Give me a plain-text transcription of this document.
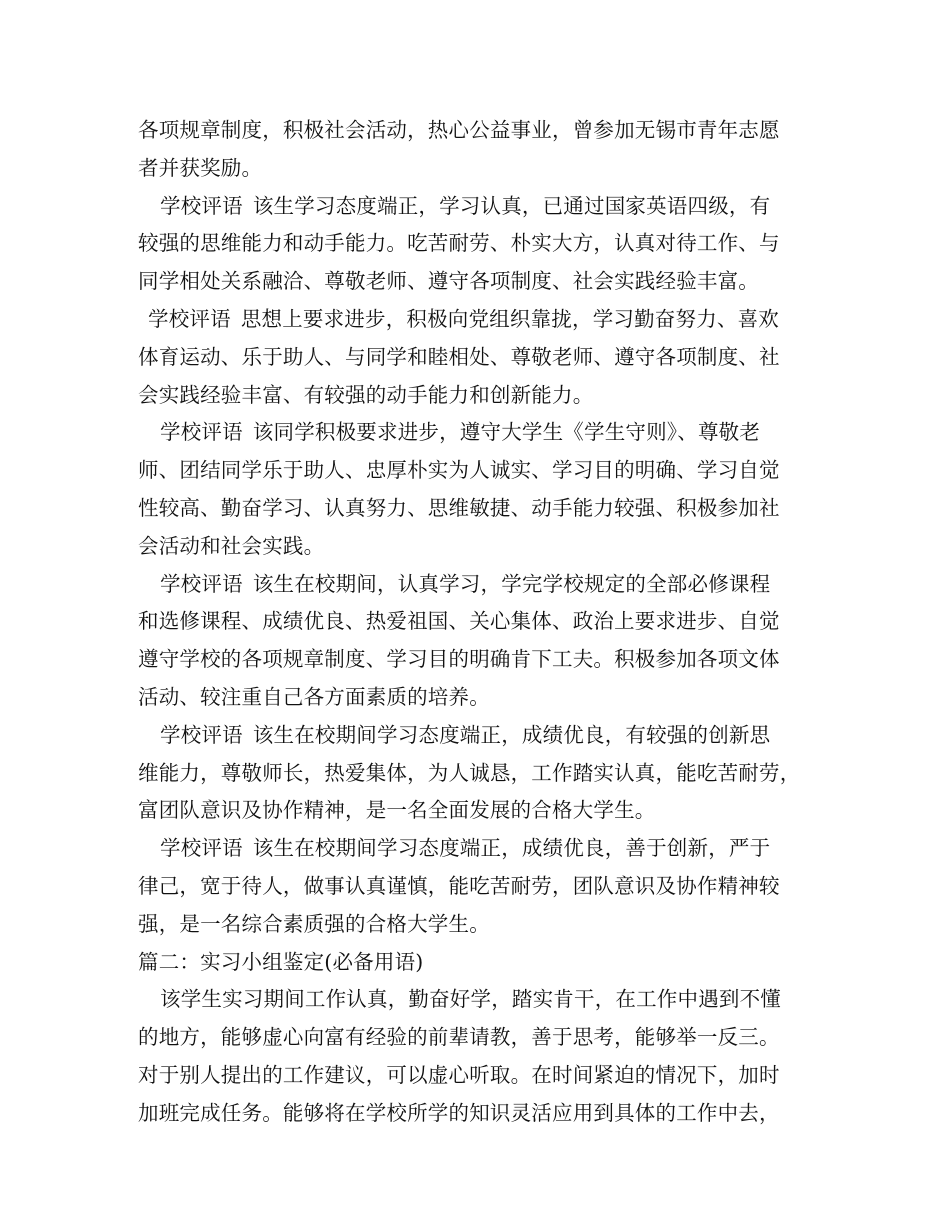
各项规章制度，积极社会活动，热心公益事业，曾参加无锡市青年志愿
者并获奖励。
学校评语 该生学习态度端正，学习认真，已通过国家英语四级，有
较强的思维能力和动手能力。吃苦耐劳、朴实大方，认真对待工作、与
同学相处关系融洽、尊敬老师、遵守各项制度、社会实践经验丰富。
学校评语 思想上要求进步，积极向党组织靠拢，学习勤奋努力、喜欢
体育运动、乐于助人、与同学和睦相处、尊敬老师、遵守各项制度、社
会实践经验丰富、有较强的动手能力和创新能力。
学校评语 该同学积极要求进步，遵守大学生《学生守则》、尊敬老
师、团结同学乐于助人、忠厚朴实为人诚实、学习目的明确、学习自觉
性较高、勤奋学习、认真努力、思维敏捷、动手能力较强、积极参加社
会活动和社会实践。
学校评语 该生在校期间，认真学习，学完学校规定的全部必修课程
和选修课程、成绩优良、热爱祖国、关心集体、政治上要求进步、自觉
遵守学校的各项规章制度、学习目的明确肯下工夫。积极参加各项文体
活动、较注重自己各方面素质的培养。
学校评语 该生在校期间学习态度端正，成绩优良，有较强的创新思
维能力，尊敬师长，热爱集体，为人诚恳，工作踏实认真，能吃苦耐劳，
富团队意识及协作精神，是一名全面发展的合格大学生。
学校评语 该生在校期间学习态度端正，成绩优良，善于创新，严于
律己，宽于待人，做事认真谨慎，能吃苦耐劳，团队意识及协作精神较
强，是一名综合素质强的合格大学生。
篇二：实习小组鉴定(必备用语)
该学生实习期间工作认真，勤奋好学，踏实肯干，在工作中遇到不懂
的地方，能够虚心向富有经验的前辈请教，善于思考，能够举一反三。
对于别人提出的工作建议，可以虚心听取。在时间紧迫的情况下，加时
加班完成任务。能够将在学校所学的知识灵活应用到具体的工作中去，
